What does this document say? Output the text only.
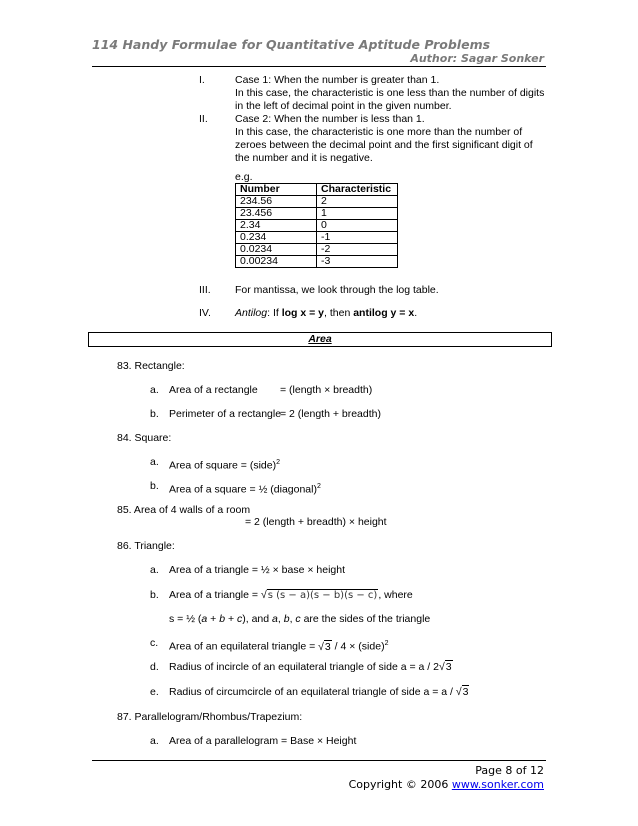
114 Handy Formulae for Quantitative Aptitude Problems
Author: Sagar Sonker
I.	Case 1: When the number is greater than 1.
In this case, the characteristic is one less than the number of digits
in the left of decimal point in the given number.
II.	Case 2: When the number is less than 1.
In this case, the characteristic is one more than the number of
zeroes between the decimal point and the first significant digit of
the number and it is negative.
e.g.
Number	Characteristic
234.56	2
23.456	1
2.34	0
0.234	-1
0.0234	-2
0.00234	-3
III. For mantissa, we look through the log table.
IV. Antilog: If log x = y, then antilog y = x.
Area
83. Rectangle:
a. Area of a rectangle = (length × breadth)
b. Perimeter of a rectangle
= 2 (length + breadth)
84. Square:
a. Area of square = (side)$^2$
b. Area of a square = ½ (diagonal)$^2$
85. Area of 4 walls of a room
= 2 (length + breadth) × height
86. Triangle:
a. Area of a triangle = ½ × base × height
b. Area of a triangle = √s (s − a)(s − b)(s − c), where
s = ½ (a + b + c), and a, b, c are the sides of the triangle
c. Area of an equilateral triangle = √3 / 4 × (side)$^2$
d. Radius of incircle of an equilateral triangle of side a = a / 2√3
e. Radius of circumcircle of an equilateral triangle of side a = a / √3
87. Parallelogram/Rhombus/Trapezium:
a. Area of a parallelogram = Base × Height
Page 8 of 12
Copyright © 2006 www.sonker.com
